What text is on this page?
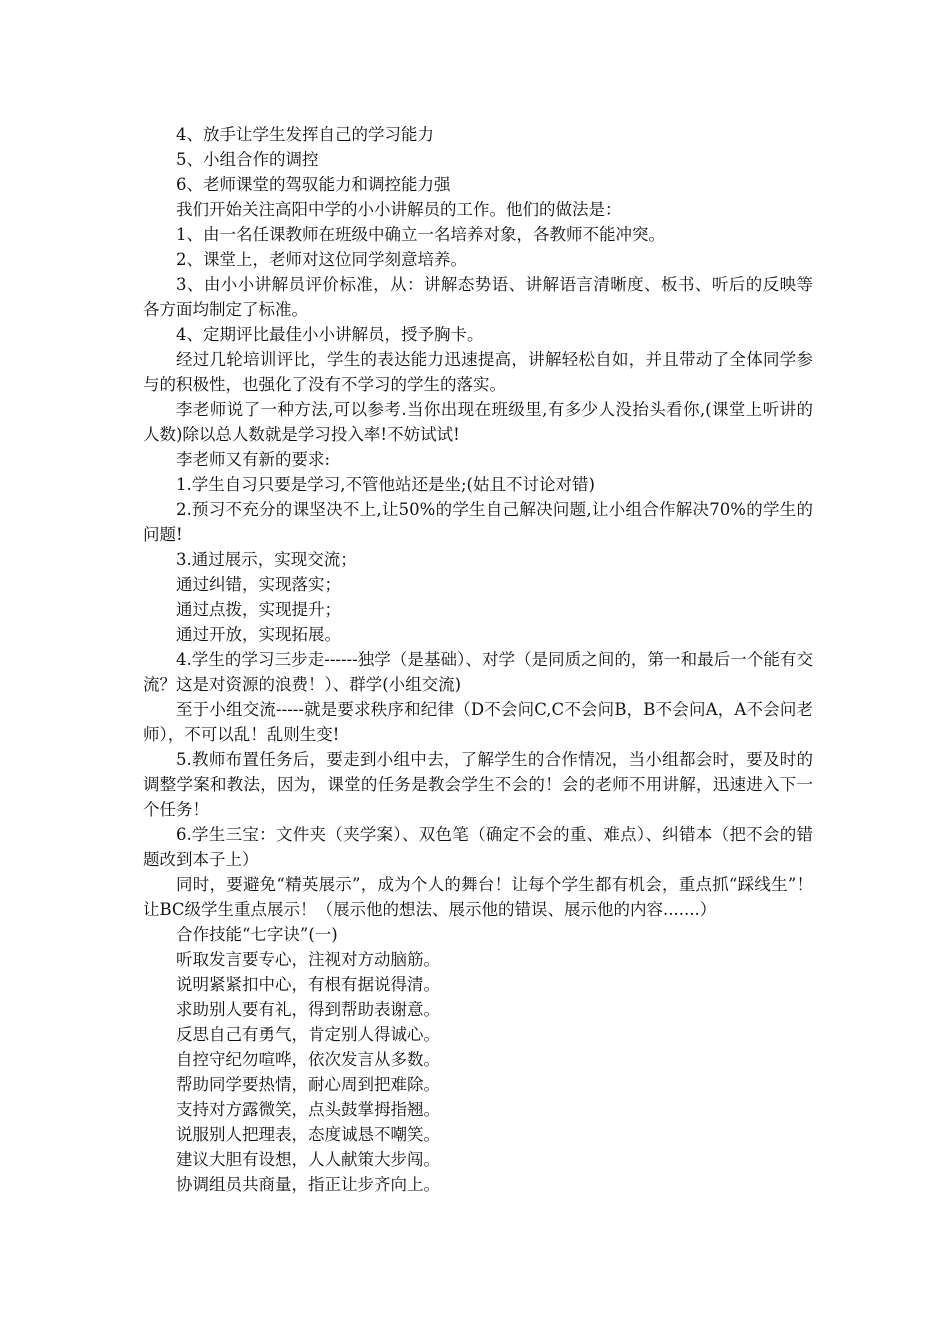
4、放手让学生发挥自己的学习能力

5、小组合作的调控

6、老师课堂的驾驭能力和调控能力强

我们开始关注高阳中学的小小讲解员的工作。他们的做法是：

1、由一名任课教师在班级中确立一名培养对象，各教师不能冲突。

2、课堂上，老师对这位同学刻意培养。

3、由小小讲解员评价标准，从：讲解态势语、讲解语言清晰度、板书、听后的反映等各方面均制定了标准。

4、定期评比最佳小小讲解员，授予胸卡。

经过几轮培训评比，学生的表达能力迅速提高，讲解轻松自如，并且带动了全体同学参与的积极性，也强化了没有不学习的学生的落实。

李老师说了一种方法,可以参考.当你出现在班级里,有多少人没抬头看你,(课堂上听讲的人数)除以总人数就是学习投入率!不妨试试!

李老师又有新的要求:

1.学生自习只要是学习,不管他站还是坐;(姑且不讨论对错)

2.预习不充分的课坚决不上,让50%的学生自己解决问题,让小组合作解决70%的学生的问题!

3.通过展示，实现交流；

通过纠错，实现落实；

通过点拨，实现提升；

通过开放，实现拓展。

4.学生的学习三步走------独学（是基础）、对学（是同质之间的，第一和最后一个能有交流？这是对资源的浪费！）、群学(小组交流)

至于小组交流-----就是要求秩序和纪律（D不会问C,C不会问B，B不会问A，A不会问老师），不可以乱！乱则生变!

5.教师布置任务后，要走到小组中去，了解学生的合作情况，当小组都会时，要及时的调整学案和教法，因为，课堂的任务是教会学生不会的！会的老师不用讲解，迅速进入下一个任务！

6.学生三宝：文件夹（夹学案）、双色笔（确定不会的重、难点）、纠错本（把不会的错题改到本子上）

同时，要避免“精英展示”，成为个人的舞台！让每个学生都有机会，重点抓“踩线生”！让BC级学生重点展示！（展示他的想法、展示他的错误、展示他的内容.......）

合作技能“七字诀”(一)

听取发言要专心，注视对方动脑筋。

说明紧紧扣中心，有根有据说得清。

求助别人要有礼，得到帮助表谢意。

反思自己有勇气，肯定别人得诚心。

自控守纪勿喧哗，依次发言从多数。

帮助同学要热情，耐心周到把难除。

支持对方露微笑，点头鼓掌拇指翘。

说服别人把理表，态度诚恳不嘲笑。

建议大胆有设想，人人献策大步闯。

协调组员共商量，指正让步齐向上。
